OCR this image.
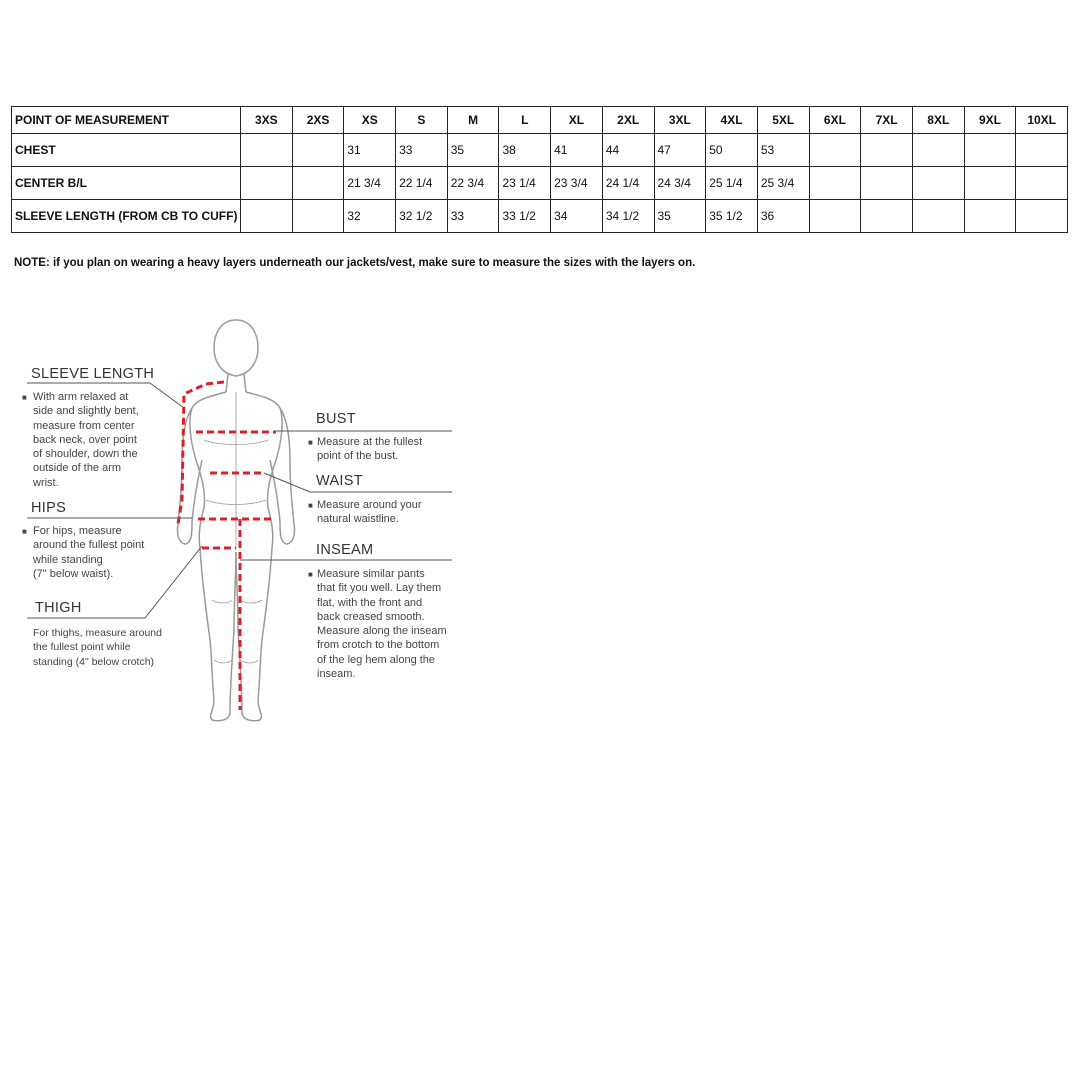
POINT OF MEASUREMENT	3XS	2XS	XS	S	M	L	XL	2XL	3XL	4XL	5XL	6XL	7XL	8XL	9XL	10XL
CHEST			31	33	35	38	41	44	47	50	53					
CENTER B/L			21 3/4	22 1/4	22 3/4	23 1/4	23 3/4	24 1/4	24 3/4	25 1/4	25 3/4					
SLEEVE LENGTH (FROM CB TO CUFF)			32	32 1/2	33	33 1/2	34	34 1/2	35	35 1/2	36					
NOTE: if you plan on wearing a heavy layers underneath our jackets/vest, make sure to measure the sizes with the layers on.
SLEEVE LENGTH
■ With arm relaxed at
side and slightly bent,
measure from center
back neck, over point
of shoulder, down the
outside of the arm
wrist.
HIPS
■ For hips, measure
around the fullest point
while standing
(7" below waist).
THIGH
For thighs, measure around
the fullest point while
standing (4" below crotch)
BUST
■ Measure at the fullest
point of the bust.
WAIST
■ Measure around your
natural waistline.
INSEAM
■ Measure similar pants
that fit you well. Lay them
flat, with the front and
back creased smooth.
Measure along the inseam
from crotch to the bottom
of the leg hem along the
inseam.
